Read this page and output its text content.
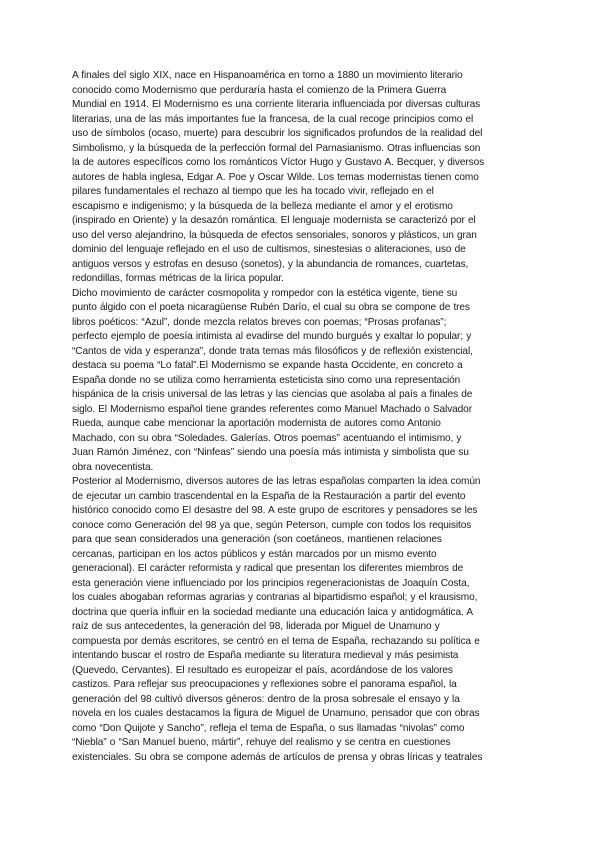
A finales del siglo XIX, nace en Hispanoamérica en torno a 1880 un movimiento literario
conocido como Modernismo que perduraría hasta el comienzo de la Primera Guerra
Mundial en 1914. El Modernismo es una corriente literaria influenciada por diversas culturas
literarias, una de las más importantes fue la francesa, de la cual recoge principios como el
uso de símbolos (ocaso, muerte) para descubrir los significados profundos de la realidad del
Simbolismo, y la búsqueda de la perfección formal del Parnasianismo. Otras influencias son
la de autores específicos como los románticos Víctor Hugo y Gustavo A. Becquer, y diversos
autores de habla inglesa, Edgar A. Poe y Oscar Wilde. Los temas modernistas tienen como
pilares fundamentales el rechazo al tiempo que les ha tocado vivir, reflejado en el
escapismo e indigenismo; y la búsqueda de la belleza mediante el amor y el erotismo
(inspirado en Oriente) y la desazón romántica. El lenguaje modernista se caracterizó por el
uso del verso alejandrino, la búsqueda de efectos sensoriales, sonoros y plásticos, un gran
dominio del lenguaje reflejado en el uso de cultismos, sinestesias o aliteraciones, uso de
antiguos versos y estrofas en desuso (sonetos), y la abundancia de romances, cuartetas,
redondillas, formas métricas de la lírica popular.

Dicho movimiento de carácter cosmopolita y rompedor con la estética vigente, tiene su
punto álgido con el poeta nicaragüense Rubén Darío, el cual su obra se compone de tres
libros poéticos: “Azul”, donde mezcla relatos breves con poemas; “Prosas profanas”;
perfecto ejemplo de poesía intimista al evadirse del mundo burgués y exaltar lo popular; y
“Cantos de vida y esperanza”, donde trata temas más filosóficos y de reflexión existencial,
destaca su poema “Lo fatal”.El Modernismo se expande hasta Occidente, en concreto a
España donde no se utiliza como herramienta esteticista sino como una representación
hispánica de la crisis universal de las letras y las ciencias que asolaba al país a finales de
siglo. El Modernismo español tiene grandes referentes como Manuel Machado o Salvador
Rueda, aunque cabe mencionar la aportación modernista de autores como Antonio
Machado, con su obra “Soledades. Galerías. Otros poemas” acentuando el intimismo, y
Juan Ramón Jiménez, con “Ninfeas” siendo una poesía más intimista y simbolista que su
obra novecentista.

Posterior al Modernismo, diversos autores de las letras españolas comparten la idea común
de ejecutar un cambio trascendental en la España de la Restauración a partir del evento
histórico conocido como El desastre del 98. A este grupo de escritores y pensadores se les
conoce como Generación del 98 ya que, según Peterson, cumple con todos los requisitos
para que sean considerados una generación (son coetáneos, mantienen relaciones
cercanas, participan en los actos públicos y están marcados por un mismo evento
generacional). El carácter reformista y radical que presentan los diferentes miembros de
esta generación viene influenciado por los principios regeneracionistas de Joaquín Costa,
los cuales abogaban reformas agrarias y contrarias al bipartidismo español; y el krausismo,
doctrina que quería influir en la sociedad mediante una educación laica y antidogmática. A
raíz de sus antecedentes, la generación del 98, liderada por Miguel de Unamuno y
compuesta por demás escritores, se centró en el tema de España, rechazando su política e
intentando buscar el rostro de España mediante su literatura medieval y más pesimista
(Quevedo, Cervantes). El resultado es europeizar el país, acordándose de los valores
castizos. Para reflejar sus preocupaciones y reflexiones sobre el panorama español, la
generación del 98 cultivó diversos géneros: dentro de la prosa sobresale el ensayo y la
novela en los cuales destacamos la figura de Miguel de Unamuno, pensador que con obras
como “Don Quijote y Sancho”, refleja el tema de España, o sus llamadas “nivolas” como
“Niebla” o “San Manuel bueno, mártir”, rehuye del realismo y se centra en cuestiones
existenciales. Su obra se compone además de artículos de prensa y obras líricas y teatrales
